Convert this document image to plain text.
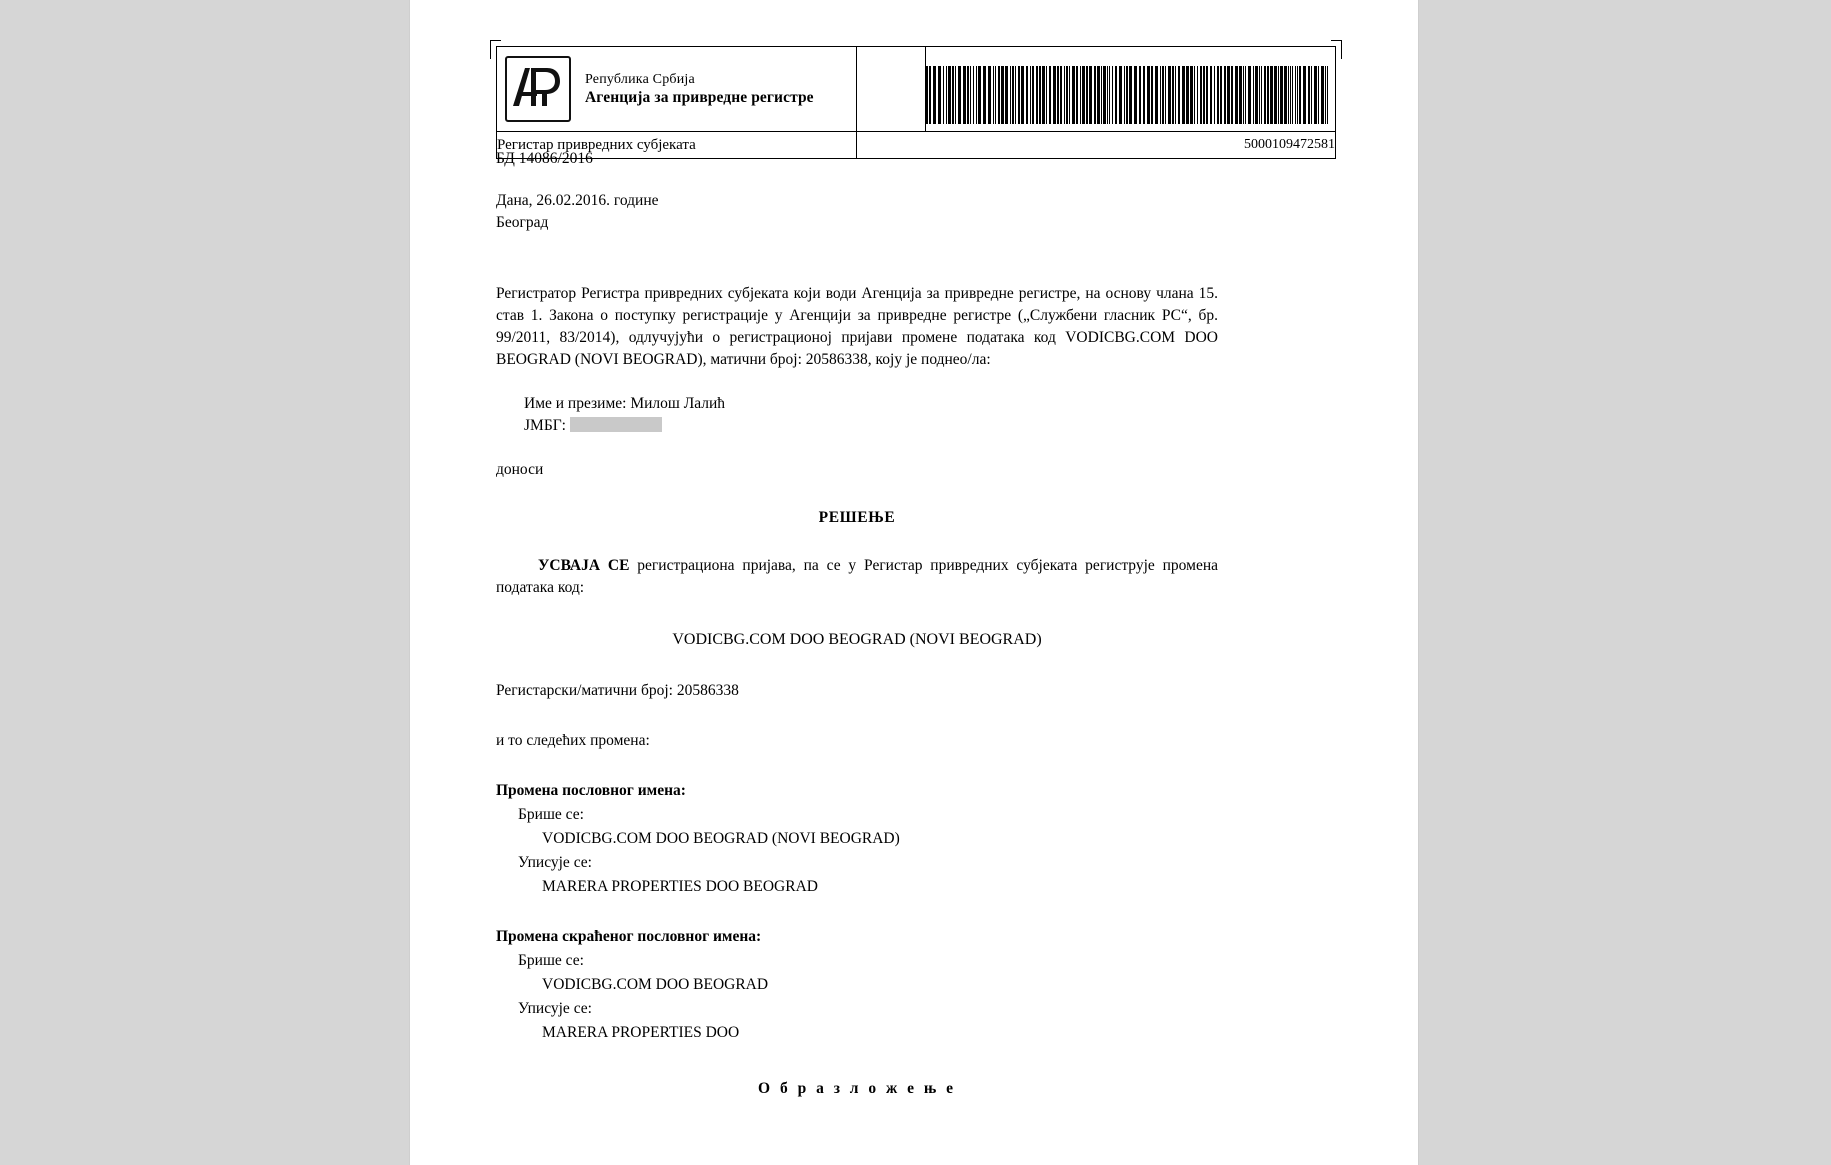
Република Србија
Агенција за привредне регистре		

Регистар привредних субјеката	5000109472581	
БД 14086/2016
Дана, 26.02.2016. године
Београд
Регистратор Регистра привредних субјеката који води Агенција за привредне регистре, на основу члана 15. став 1. Закона о поступку регистрације у Агенцији за привредне регистре („Службени гласник РС“, бр. 99/2011, 83/2014), одлучујући о регистрационој пријави промене података код VODICBG.COM DOO BEOGRAD (NOVI BEOGRAD), матични број: 20586338, коју је поднео/ла:
Име и презиме: Милош Лалић
ЈМБГ:
доноси
РЕШЕЊЕ
УСВАЈА СЕ регистрациона пријава, па се у Регистар привредних субјеката региструје промена података код:
VODICBG.COM DOO BEOGRAD (NOVI BEOGRAD)
Регистарски/матични број: 20586338
и то следећих промена:
Промена пословног имена:
Брише се:
VODICBG.COM DOO BEOGRAD (NOVI BEOGRAD)
Уписује се:
MARERA PROPERTIES DOO BEOGRAD
Промена скраћеног пословног имена:
Брише се:
VODICBG.COM DOO BEOGRAD
Уписује се:
MARERA PROPERTIES DOO
О б р а з л о ж е њ е
